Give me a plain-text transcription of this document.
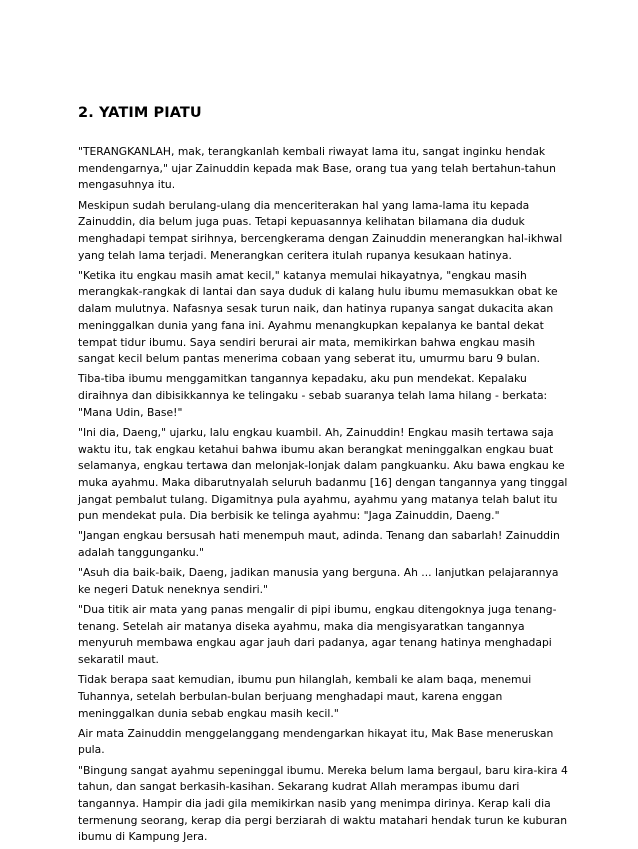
2. YATIM PIATU

"TERANGKANLAH, mak, terangkanlah kembali riwayat lama itu, sangat inginku hendak mendengarnya," ujar Zainuddin kepada mak Base, orang tua yang telah bertahun-tahun mengasuhnya itu.

Meskipun sudah berulang-ulang dia menceriterakan hal yang lama-lama itu kepada Zainuddin, dia belum juga puas. Tetapi kepuasannya kelihatan bilamana dia duduk menghadapi tempat sirihnya, bercengkerama dengan Zainuddin menerangkan hal-ikhwal yang telah lama terjadi. Menerangkan ceritera itulah rupanya kesukaan hatinya.

"Ketika itu engkau masih amat kecil," katanya memulai hikayatnya, "engkau masih merangkak-rangkak di lantai dan saya duduk di kalang hulu ibumu memasukkan obat ke dalam mulutnya. Nafasnya sesak turun naik, dan hatinya rupanya sangat dukacita akan meninggalkan dunia yang fana ini. Ayahmu menangkupkan kepalanya ke bantal dekat tempat tidur ibumu. Saya sendiri berurai air mata, memikirkan bahwa engkau masih sangat kecil belum pantas menerima cobaan yang seberat itu, umurmu baru 9 bulan.

Tiba-tiba ibumu menggamitkan tangannya kepadaku, aku pun mendekat. Kepalaku diraihnya dan dibisikkannya ke telingaku - sebab suaranya telah lama hilang - berkata: "Mana Udin, Base!"

"Ini dia, Daeng," ujarku, lalu engkau kuambil. Ah, Zainuddin! Engkau masih tertawa saja waktu itu, tak engkau ketahui bahwa ibumu akan berangkat meninggalkan engkau buat selamanya, engkau tertawa dan melonjak-lonjak dalam pangkuanku. Aku bawa engkau ke muka ayahmu. Maka dibarutnyalah seluruh badanmu [16] dengan tangannya yang tinggal jangat pembalut tulang. Digamitnya pula ayahmu, ayahmu yang matanya telah balut itu pun mendekat pula. Dia berbisik ke telinga ayahmu: "Jaga Zainuddin, Daeng."

"Jangan engkau bersusah hati menempuh maut, adinda. Tenang dan sabarlah! Zainuddin adalah tanggunganku."

"Asuh dia baik-baik, Daeng, jadikan manusia yang berguna. Ah ... lanjutkan pelajarannya ke negeri Datuk neneknya sendiri."

"Dua titik air mata yang panas mengalir di pipi ibumu, engkau ditengoknya juga tenang-tenang. Setelah air matanya diseka ayahmu, maka dia mengisyaratkan tangannya menyuruh membawa engkau agar jauh dari padanya, agar tenang hatinya menghadapi sekaratil maut.

Tidak berapa saat kemudian, ibumu pun hilanglah, kembali ke alam baqa, menemui Tuhannya, setelah berbulan-bulan berjuang menghadapi maut, karena enggan meninggalkan dunia sebab engkau masih kecil."

Air mata Zainuddin menggelanggang mendengarkan hikayat itu, Mak Base meneruskan pula.

"Bingung sangat ayahmu sepeninggal ibumu. Mereka belum lama bergaul, baru kira-kira 4 tahun, dan sangat berkasih-kasihan. Sekarang kudrat Allah merampas ibumu dari tangannya. Hampir dia jadi gila memikirkan nasib yang menimpa dirinya. Kerap kali dia termenung seorang, kerap dia pergi berziarah di waktu matahari hendak turun ke kuburan ibumu di Kampung Jera.
